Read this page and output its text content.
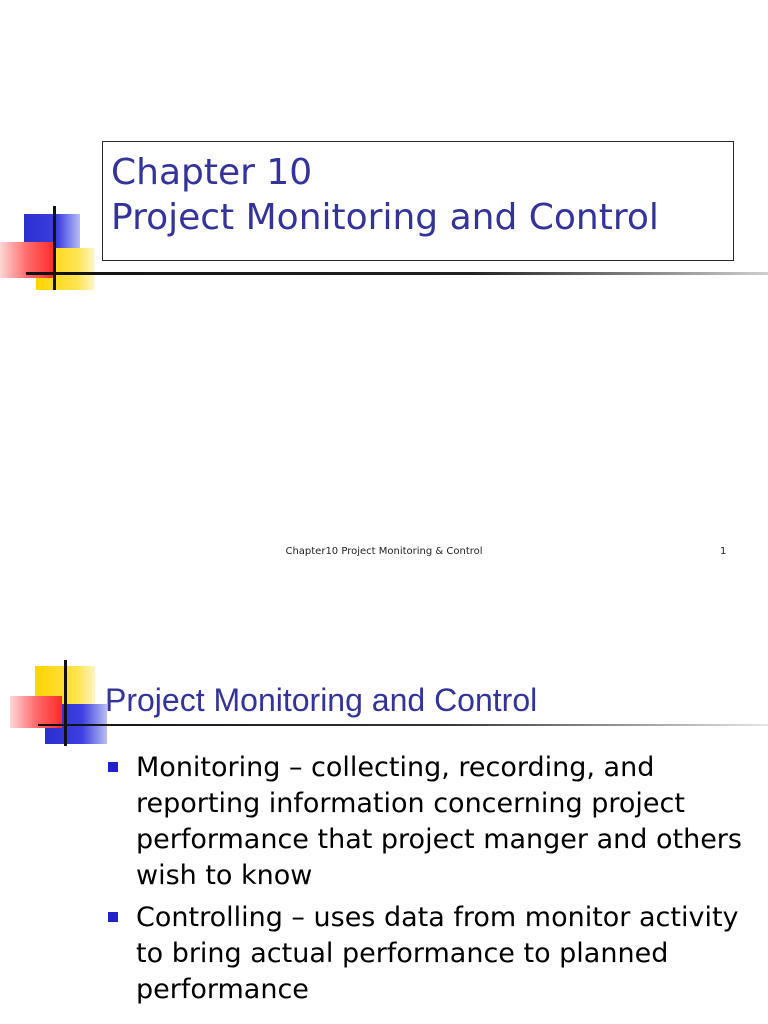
Chapter 10
Project Monitoring and Control
Chapter10 Project Monitoring & Control	1
Project Monitoring and Control
Monitoring – collecting, recording, and reporting information concerning project performance that project manger and others wish to know
Controlling – uses data from monitor activity to bring actual performance to planned performance
